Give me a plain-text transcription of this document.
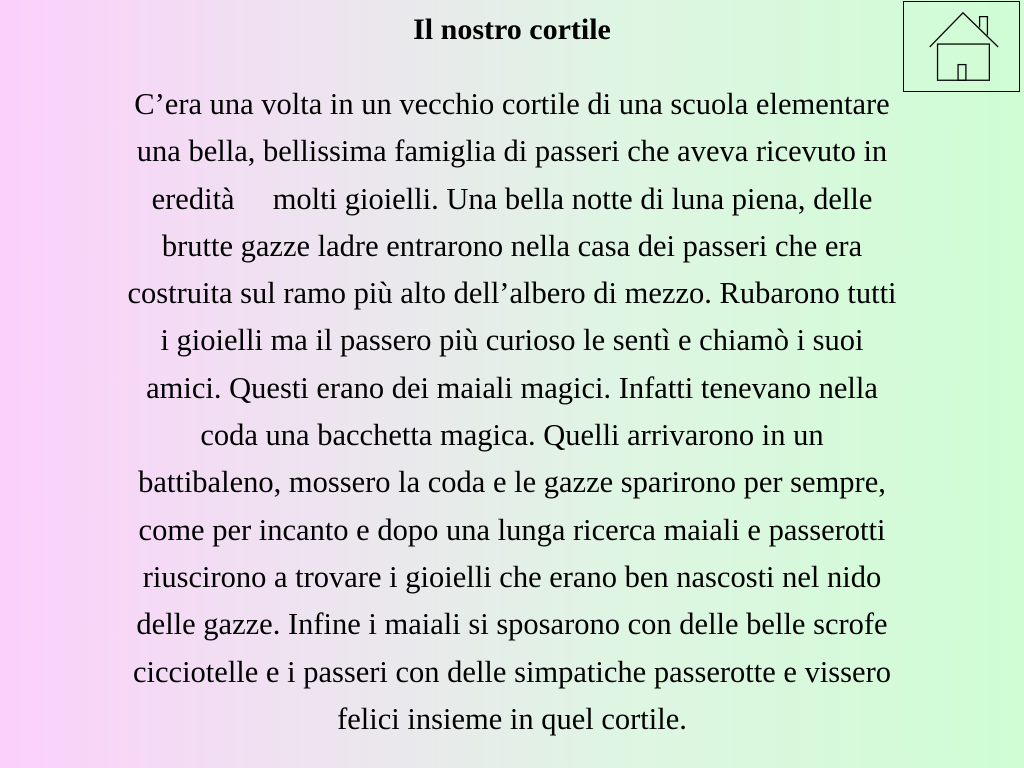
Il nostro cortile
C’era una volta in un vecchio cortile di una scuola elementare
una bella, bellissima famiglia di passeri che aveva ricevuto in
eredità     molti gioielli. Una bella notte di luna piena, delle
brutte gazze ladre entrarono nella casa dei passeri che era
costruita sul ramo più alto dell’albero di mezzo. Rubarono tutti
i gioielli ma il passero più curioso le sentì e chiamò i suoi
amici. Questi erano dei maiali magici. Infatti tenevano nella
coda una bacchetta magica. Quelli arrivarono in un
battibaleno, mossero la coda e le gazze sparirono per sempre,
come per incanto e dopo una lunga ricerca maiali e passerotti
riuscirono a trovare i gioielli che erano ben nascosti nel nido
delle gazze. Infine i maiali si sposarono con delle belle scrofe
cicciotelle e i passeri con delle simpatiche passerotte e vissero
felici insieme in quel cortile.
